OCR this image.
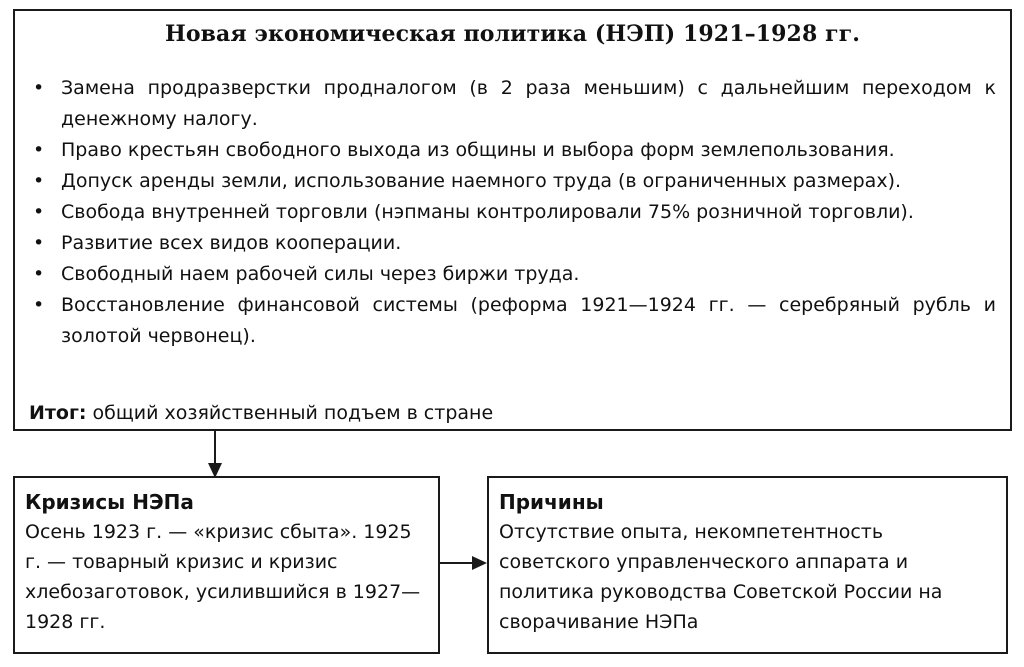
Новая экономическая политика (НЭП) 1921–1928 гг.
• Замена продразверстки продналогом (в 2 раза меньшим) с дальнейшим переходом к денежному налогу.
• Право крестьян свободного выхода из общины и выбора форм землепользования.
• Допуск аренды земли, использование наемного труда (в ограниченных размерах).
• Свобода внутренней торговли (нэпманы контролировали 75% розничной торговли).
• Развитие всех видов кооперации.
• Свободный наем рабочей силы через биржи труда.
• Восстановление финансовой системы (реформа 1921—1924 гг. — серебряный рубль и золотой червонец).
Итог: общий хозяйственный подъем в стране
Кризисы НЭПа
Осень 1923 г. — «кризис сбыта». 1925 г. — товарный кризис и кризис хлебозаготовок, усилившийся в 1927—1928 гг.
Причины
Отсутствие опыта, некомпетентность советского управленческого аппарата и политика руководства Советской России на сворачивание НЭПа
